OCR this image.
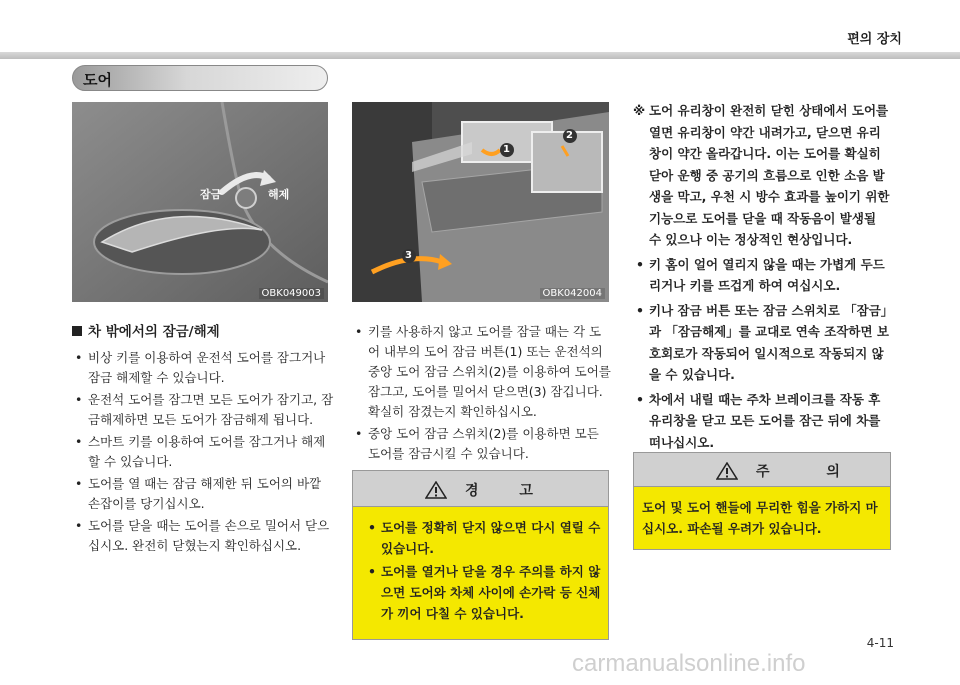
편의 장치
도어
OBK049003
잠금	해제
1
2
3
OBK042004
차 밖에서의 잠금/해제
• 비상 키를 이용하여 운전석 도어를 잠그거나 잠금 해제할 수 있습니다.
• 운전석 도어를 잠그면 모든 도어가 잠기고, 잠금해제하면 모든 도어가 잠금해제 됩니다.
• 스마트 키를 이용하여 도어를 잠그거나 해제할 수 있습니다.
• 도어를 열 때는 잠금 해제한 뒤 도어의 바깥 손잡이를 당기십시오.
• 도어를 닫을 때는 도어를 손으로 밀어서 닫으십시오. 완전히 닫혔는지 확인하십시오.
• 키를 사용하지 않고 도어를 잠글 때는 각 도어 내부의 도어 잠금 버튼(1) 또는 운전석의 중앙 도어 잠금 스위치(2)를 이용하여 도어를 잠그고, 도어를 밀어서 닫으면(3) 잠깁니다. 확실히 잠겼는지 확인하십시오.
• 중앙 도어 잠금 스위치(2)를 이용하면 모든 도어를 잠금시킬 수 있습니다.
경 고
• 도어를 정확히 닫지 않으면 다시 열릴 수 있습니다.
• 도어를 열거나 닫을 경우 주의를 하지 않으면 도어와 차체 사이에 손가락 등 신체가 끼어 다칠 수 있습니다.
※ 도어 유리창이 완전히 닫힌 상태에서 도어를 열면 유리창이 약간 내려가고, 닫으면 유리창이 약간 올라갑니다. 이는 도어를 확실히 닫아 운행 중 공기의 흐름으로 인한 소음 발생을 막고, 우천 시 방수 효과를 높이기 위한 기능으로 도어를 닫을 때 작동음이 발생될 수 있으나 이는 정상적인 현상입니다.
• 키 홈이 얼어 열리지 않을 때는 가볍게 두드리거나 키를 뜨겁게 하여 여십시오.
• 키나 잠금 버튼 또는 잠금 스위치로 「잠금」과 「잠금해제」를 교대로 연속 조작하면 보호회로가 작동되어 일시적으로 작동되지 않을 수 있습니다.
• 차에서 내릴 때는 주차 브레이크를 작동 후 유리창을 닫고 모든 도어를 잠근 뒤에 차를 떠나십시오.
주 의
도어 및 도어 핸들에 무리한 힘을 가하지 마십시오. 파손될 우려가 있습니다.
4-11
carmanualsonline.info
